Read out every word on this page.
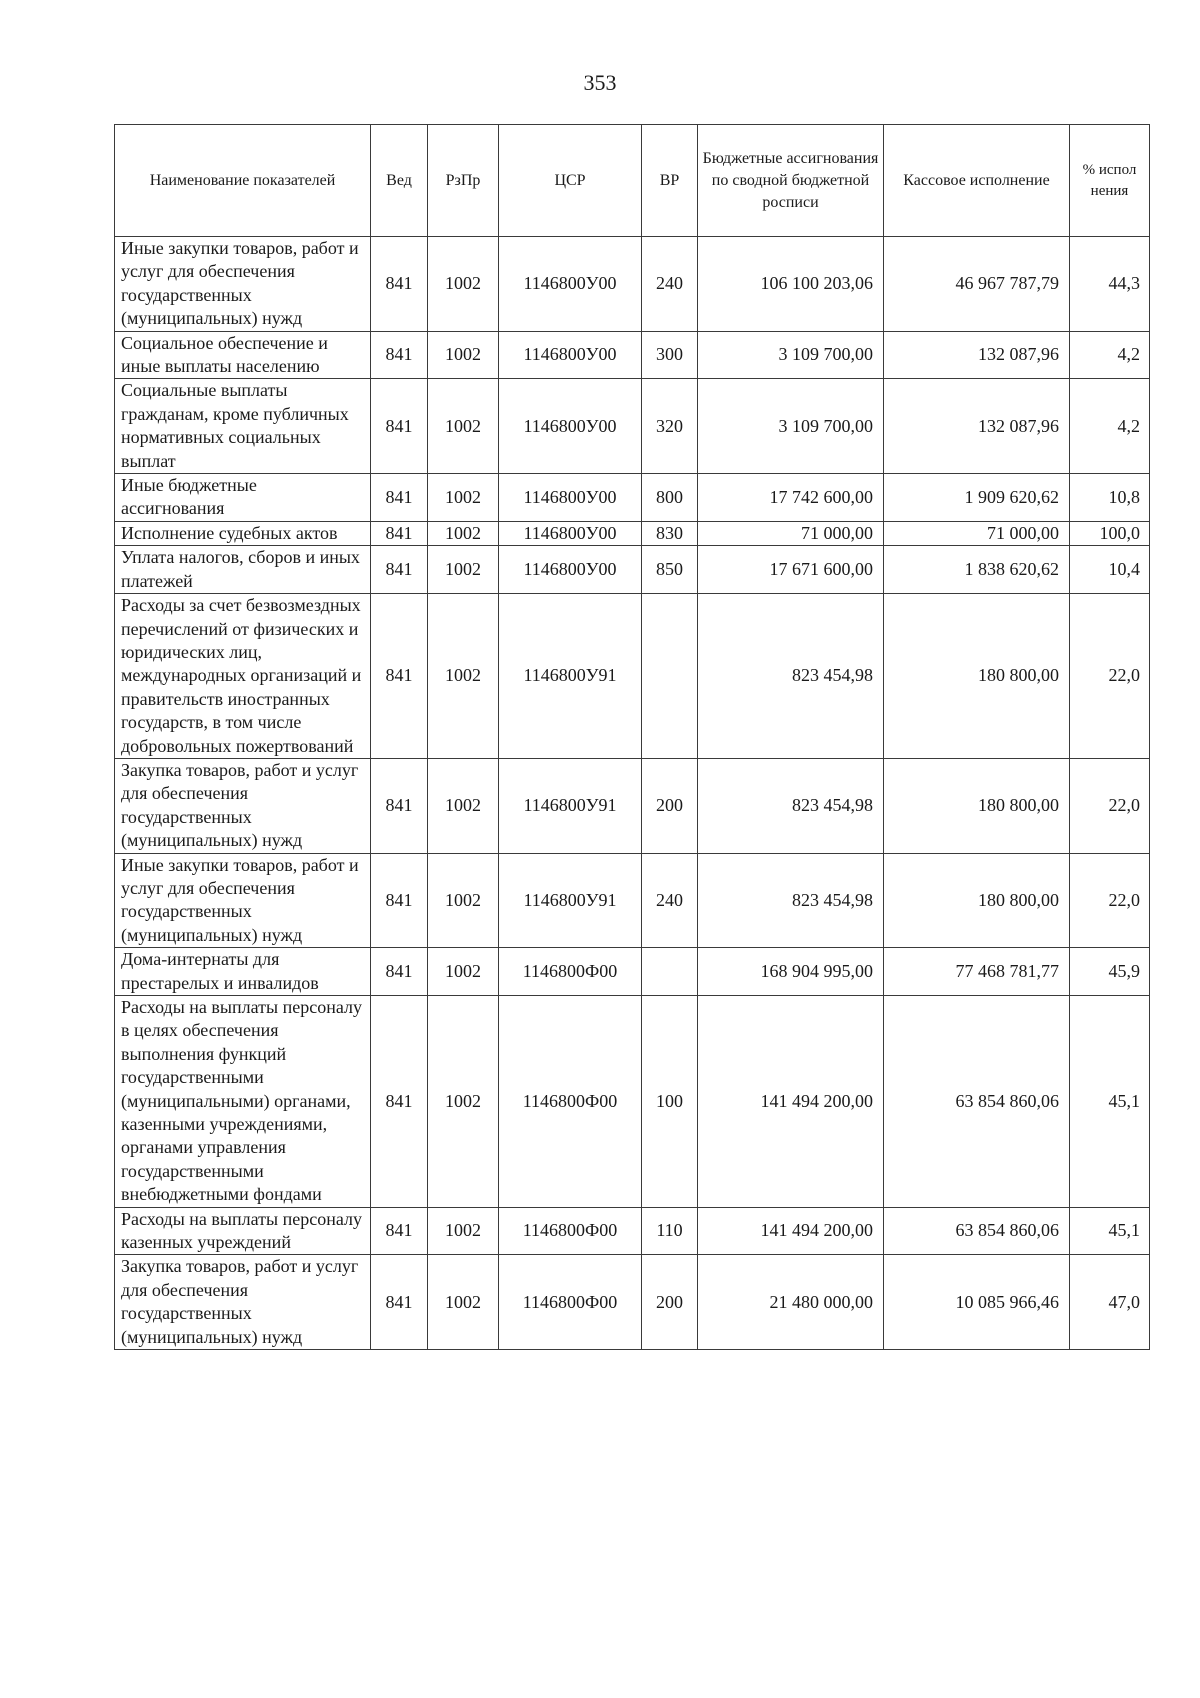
353
Наименование показателей	Вед	РзПр	ЦСР	ВР	Бюджетные ассигнования по сводной бюджетной росписи	Кассовое исполнение	% испол нения
Иные закупки товаров, работ и услуг для обеспечения государственных (муниципальных) нужд	841	1002	1146800У00	240	106 100 203,06	46 967 787,79	44,3
Социальное обеспечение и иные выплаты населению	841	1002	1146800У00	300	3 109 700,00	132 087,96	4,2
Социальные выплаты гражданам, кроме публичных нормативных социальных выплат	841	1002	1146800У00	320	3 109 700,00	132 087,96	4,2
Иные бюджетные ассигнования	841	1002	1146800У00	800	17 742 600,00	1 909 620,62	10,8
Исполнение судебных актов	841	1002	1146800У00	830	71 000,00	71 000,00	100,0
Уплата налогов, сборов и иных платежей	841	1002	1146800У00	850	17 671 600,00	1 838 620,62	10,4
Расходы за счет безвозмездных перечислений от физических и юридических лиц, международных организаций и правительств иностранных государств, в том числе добровольных пожертвований	841	1002	1146800У91		823 454,98	180 800,00	22,0
Закупка товаров, работ и услуг для обеспечения государственных (муниципальных) нужд	841	1002	1146800У91	200	823 454,98	180 800,00	22,0
Иные закупки товаров, работ и услуг для обеспечения государственных (муниципальных) нужд	841	1002	1146800У91	240	823 454,98	180 800,00	22,0
Дома-интернаты для престарелых и инвалидов	841	1002	1146800Ф00		168 904 995,00	77 468 781,77	45,9
Расходы на выплаты персоналу в целях обеспечения выполнения функций государственными (муниципальными) органами, казенными учреждениями, органами управления государственными внебюджетными фондами	841	1002	1146800Ф00	100	141 494 200,00	63 854 860,06	45,1
Расходы на выплаты персоналу казенных учреждений	841	1002	1146800Ф00	110	141 494 200,00	63 854 860,06	45,1
Закупка товаров, работ и услуг для обеспечения государственных (муниципальных) нужд	841	1002	1146800Ф00	200	21 480 000,00	10 085 966,46	47,0
